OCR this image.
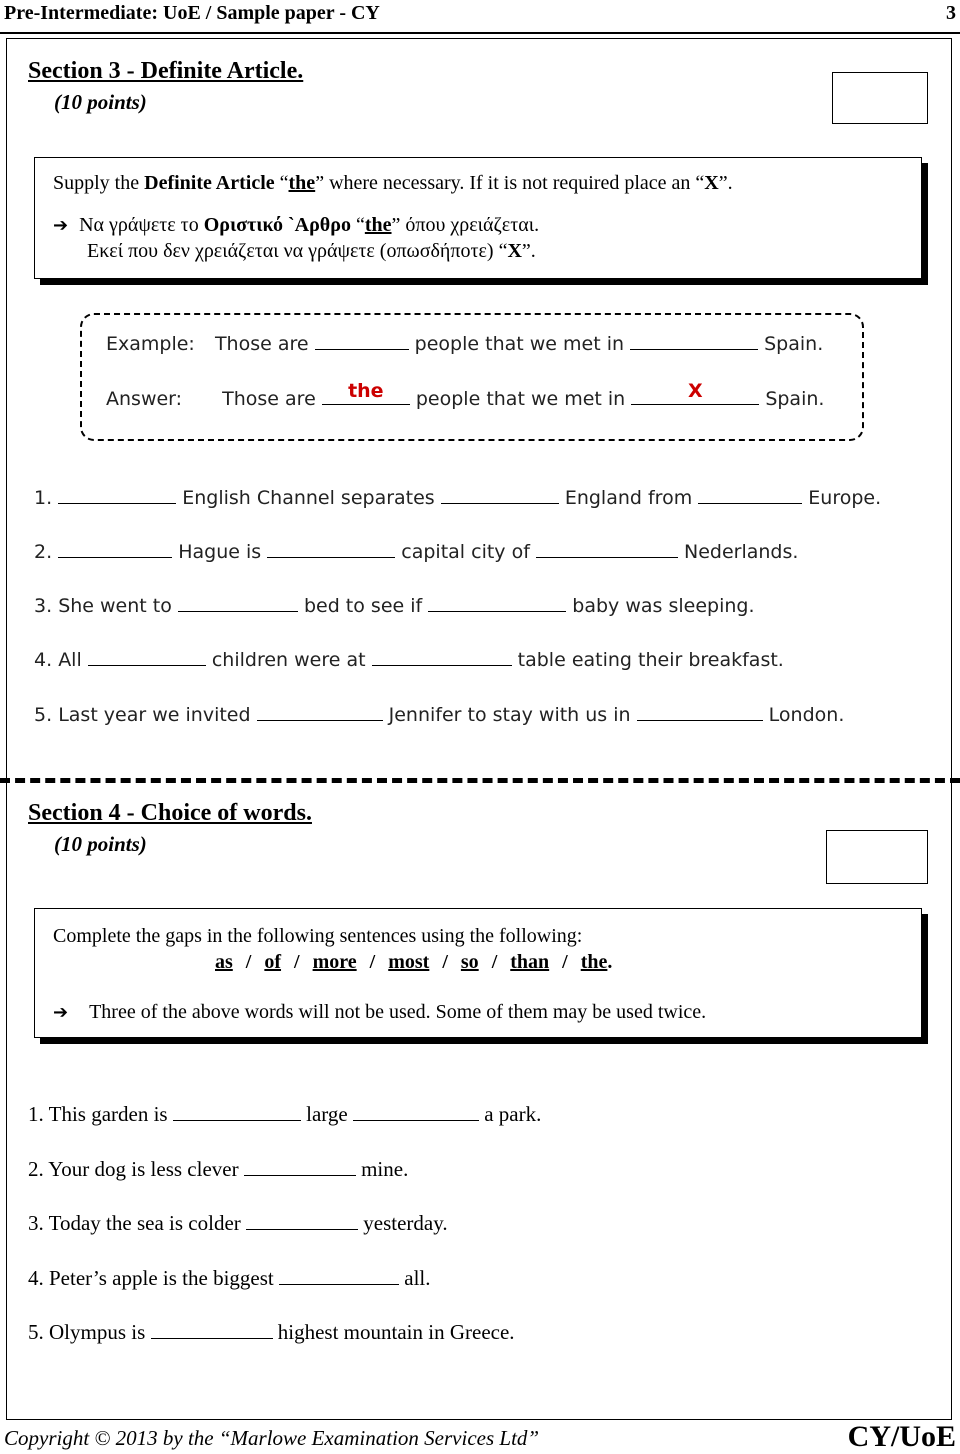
Pre-Intermediate: UoE / Sample paper - CY	3
Section 3 - Definite Article.
(10 points)
Supply the Definite Article “the” where necessary. If it is not required place an “X”.
➔ Να γράψετε το Οριστικό `Αρθρο “the” όπου χρειάζεται.
Εκεί που δεν χρειάζεται να γράψετε (οπωσδήποτε) “X”.
Example: Those are	people that we met in	Spain.
Answer: Those are	the	people that we met in	X	Spain.
1.	English Channel separates	England from	Europe.
2.	Hague is	capital city of	Nederlands.
3. She went to	bed to see if	baby was sleeping.
4. All	children were at	table eating their breakfast.
5. Last year we invited	Jennifer to stay with us in	London.
Section 4 - Choice of words.
(10 points)
Complete the gaps in the following sentences using the following:
as / of / more / most / so / than / the.
➔ Three of the above words will not be used. Some of them may be used twice.
1. This garden is	large	a park.
2. Your dog is less clever	mine.
3. Today the sea is colder	yesterday.
4. Peter’s apple is the biggest	all.
5. Olympus is	highest mountain in Greece.
Copyright © 2013 by the “Marlowe Examination Services Ltd”	CY/UoE
